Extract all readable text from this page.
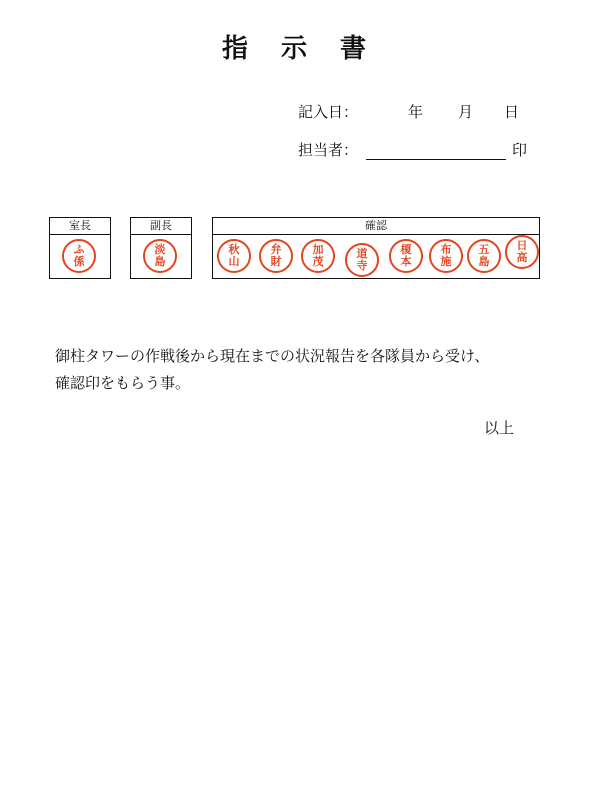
指 示 書
記入日：	年 月 日
担当者：	印
室長
ふ
係
副長
淡
島
確認
秋
山
弁
財
加
茂
道
寺
榎
本
布
施
五
島
日
高

御柱タワーの作戦後から現在までの状況報告を各隊員から受け、

確認印をもらう事。

以上
